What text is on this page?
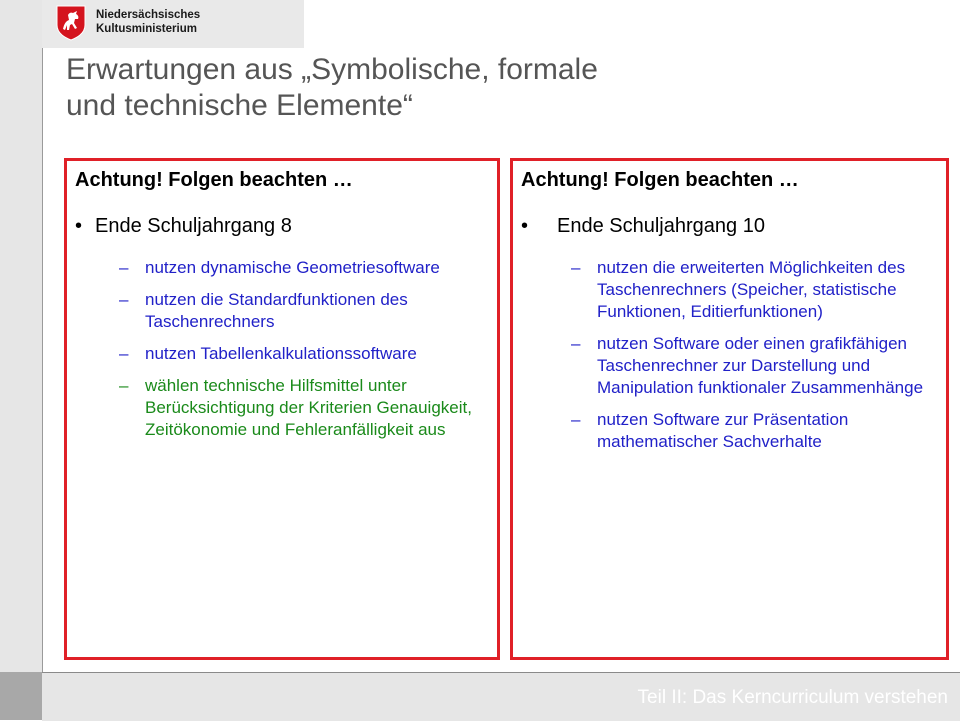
Niedersächsisches
Kultusministerium
Erwartungen aus „Symbolische, formale
und technische Elemente“
Achtung! Folgen beachten …
• Ende Schuljahrgang 8
– nutzen dynamische Geometriesoftware
– nutzen die Standardfunktionen des Taschenrechners
– nutzen Tabellenkalkulationssoftware
– wählen technische Hilfsmittel unter Berücksichtigung der Kriterien Genauigkeit, Zeitökonomie und Fehleranfälligkeit aus
Achtung! Folgen beachten …
•	Ende Schuljahrgang 10
– nutzen die erweiterten Möglichkeiten des Taschenrechners (Speicher, statistische Funktionen, Editierfunktionen)
– nutzen Software oder einen grafikfähigen Taschenrechner zur Darstellung und Manipulation funktionaler Zusammenhänge
– nutzen Software zur Präsentation mathematischer Sachverhalte
Teil II: Das Kerncurriculum verstehen
